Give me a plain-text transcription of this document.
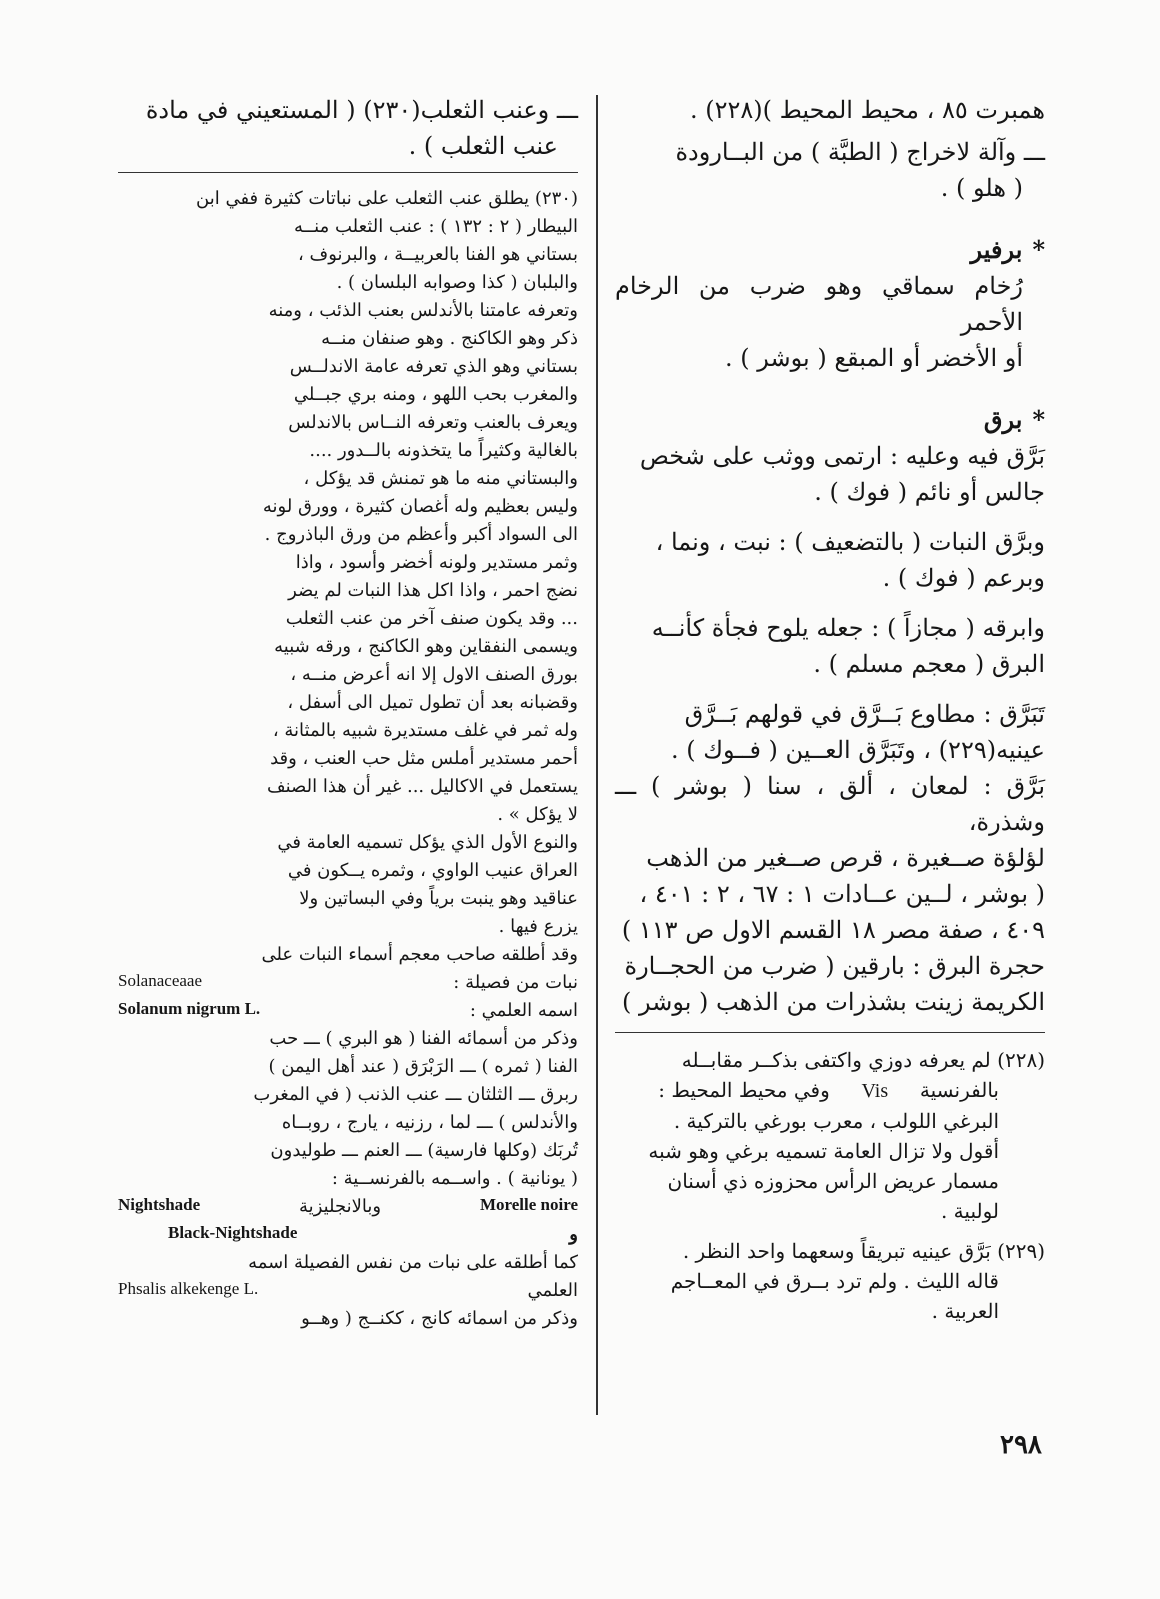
همبرت ٨٥ ، محيط المحيط )(٢٢٨) .

ـــ وآلة لاخراج ( الطبَّة ) من البــارودة

( هلو ) .

*برفير

رُخام سماقي وهو ضرب من الرخام الأحمر

أو الأخضر أو المبقع ( بوشر ) .

*برق

بَرَّق فيه وعليه : ارتمى ووثب على شخص

جالس أو نائم ( فوك ) .

وبرَّق النبات ( بالتضعيف ) : نبت ، ونما ،

وبرعم ( فوك ) .

وابرقه ( مجازاً ) : جعله يلوح فجأة كأنــه

البرق ( معجم مسلم ) .

تَبَرَّق : مطاوع بَــرَّق في قولهم بَــرَّق

عينيه(٢٢٩) ، وتَبَرَّق العــين ( فــوك ) .

بَرَّق : لمعان ، ألق ، سنا ( بوشر ) ـــ وشذرة،

لؤلؤة صــغيرة ، قرص صــغير من الذهب

( بوشر ، لــين عــادات ١ : ٦٧ ، ٢ : ٤٠١ ،

٤٠٩ ، صفة مصر ١٨ القسم الاول ص ١١٣ )

حجرة البرق : بارقين ( ضرب من الحجــارة

الكريمة زينت بشذرات من الذهب ( بوشر )

(٢٢٨) لم يعرفه دوزي واكتفى بذكــر مقابــله

بالفرنسية     Vis     وفي محيط المحيط :

البرغي اللولب ، معرب بورغي بالتركية .

أقول ولا تزال العامة تسميه برغي وهو شبه

مسمار عريض الرأس محزوزه ذي أسنان

لولبية .

(٢٢٩) بَرَّق عينيه تبريقاً وسعهما واحد النظر .

قاله الليث . ولم ترد بــرق في المعــاجم

العربية .

ـــ وعنب الثعلب(٢٣٠) ( المستعيني في مادة

عنب الثعلب ) .

(٢٣٠) يطلق عنب الثعلب على نباتات كثيرة ففي ابن

البيطار ( ٢ : ١٣٢ ) : عنب الثعلب منــه

بستاني هو الفنا بالعربيــة ، والبرنوف ،

والبلبان ( كذا وصوابه البلسان ) .

وتعرفه عامتنا بالأندلس بعنب الذئب ، ومنه

ذكر وهو الكاكنج . وهو صنفان منــه

بستاني وهو الذي تعرفه عامة الاندلــس

والمغرب بحب اللهو ، ومنه بري جبــلي

ويعرف بالعنب وتعرفه النــاس بالاندلس

بالغالية وكثيراً ما يتخذونه بالــدور ....

والبستاني منه ما هو تمنش قد يؤكل ،

وليس بعظيم وله أغصان كثيرة ، وورق لونه

الى السواد أكبر وأعظم من ورق الباذروج .

وثمر مستدير ولونه أخضر وأسود ، واذا

نضج احمر ، واذا اكل هذا النبات لم يضر

... وقد يكون صنف آخر من عنب الثعلب

ويسمى النفقاين وهو الكاكنج ، ورقه شبيه

بورق الصنف الاول إلا انه أعرض منــه ،

وقضبانه بعد أن تطول تميل الى أسفل ،

وله ثمر في غلف مستديرة شبيه بالمثانة ،

أحمر مستدير أملس مثل حب العنب ، وقد

يستعمل في الاكاليل ... غير أن هذا الصنف

لا يؤكل » .

والنوع الأول الذي يؤكل تسميه العامة في

العراق عنيب الواوي ، وثمره يــكون في

عناقيد وهو ينبت برياً وفي البساتين ولا

يزرع فيها .

وقد أطلقه صاحب معجم أسماء النبات على

نبات من فصيلة :
Solanaceaae
اسمه العلمي :
Solanum nigrum L.

وذكر من أسمائه الفنا ( هو البري ) ـــ حب

الفنا ( ثمره ) ـــ الرَبْرَق ( عند أهل اليمن )

ربرق ـــ الثلثان ـــ عنب الذنب ( في المغرب

والأندلس ) ـــ لما ، رزنيه ، يارج ، روبــاه

تُربَك (وكلها فارسية) ـــ العنم ـــ طوليدون

( يونانية ) . واســمه بالفرنســية :

Morelle noire
وبالانجليزية
Nightshade
و
Black-Nightshade

كما أطلقه على نبات من نفس الفصيلة اسمه

العلمي
Phsalis alkekenge L.

وذكر من اسمائه كانج ، ككنــج ( وهــو

٢٩٨
